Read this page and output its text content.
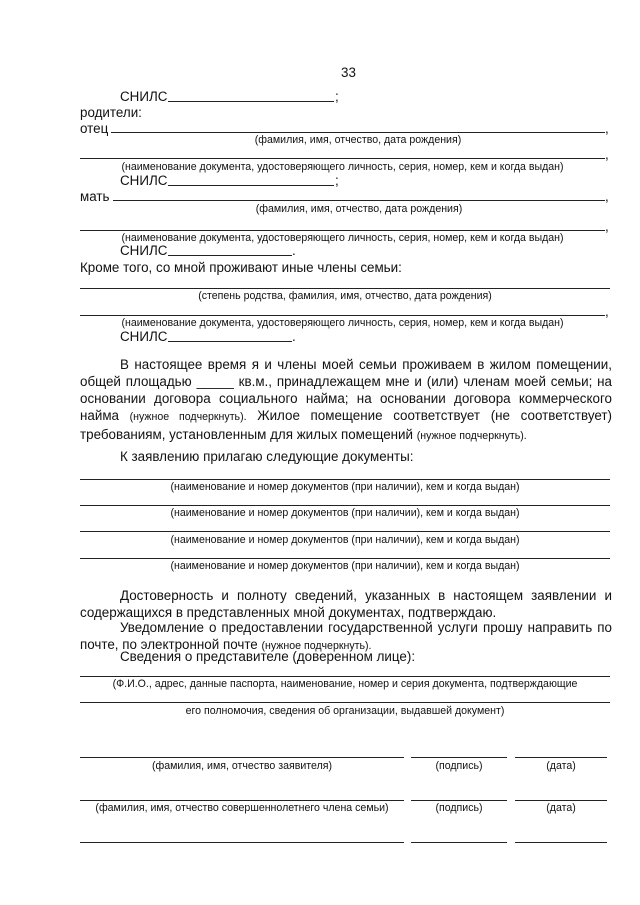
33
СНИЛС	;
родители:
отец	,
(фамилия, имя, отчество, дата рождения)
,
(наименование документа, удостоверяющего личность, серия, номер, кем и когда выдан)
СНИЛС	;
мать	,
(фамилия, имя, отчество, дата рождения)
,
(наименование документа, удостоверяющего личность, серия, номер, кем и когда выдан)
СНИЛС	.
Кроме того, со мной проживают иные члены семьи:
(степень родства, фамилия, имя, отчество, дата рождения)
,
(наименование документа, удостоверяющего личность, серия, номер, кем и когда выдан)
СНИЛС	.
В настоящее время я и члены моей семьи проживаем в жилом помещении, общей площадью _____ кв.м., принадлежащем мне и (или) членам моей семьи; на основании договора социального найма; на основании договора коммерческого найма (нужное подчеркнуть). Жилое помещение соответствует (не соответствует) требованиям, установленным для жилых помещений (нужное подчеркнуть).
К заявлению прилагаю следующие документы:
(наименование и номер документов (при наличии), кем и когда выдан)
(наименование и номер документов (при наличии), кем и когда выдан)
(наименование и номер документов (при наличии), кем и когда выдан)
(наименование и номер документов (при наличии), кем и когда выдан)
Достоверность и полноту сведений, указанных в настоящем заявлении и содержащихся в представленных мной документах, подтверждаю.
Уведомление о предоставлении государственной услуги прошу направить по почте, по электронной почте (нужное подчеркнуть).
Сведения о представителе (доверенном лице):
(Ф.И.О., адрес, данные паспорта, наименование, номер и серия документа, подтверждающие
его полномочия, сведения об организации, выдавшей документ)
(фамилия, имя, отчество заявителя)	(подпись)	(дата)
(фамилия, имя, отчество совершеннолетнего члена семьи)	(подпись)	(дата)
